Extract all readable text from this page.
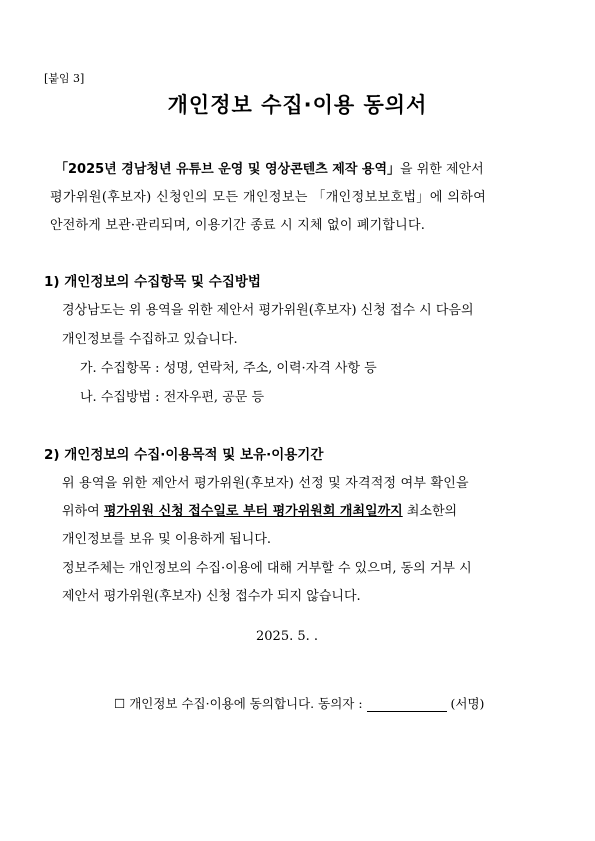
[붙임 3]
개인정보 수집·이용 동의서
「2025년 경남청년 유튜브 운영 및 영상콘텐츠 제작 용역」을 위한 제안서
평가위원(후보자) 신청인의 모든 개인정보는 「개인정보보호법」에 의하여
안전하게 보관·관리되며, 이용기간 종료 시 지체 없이 폐기합니다.
1) 개인정보의 수집항목 및 수집방법
경상남도는 위 용역을 위한 제안서 평가위원(후보자) 신청 접수 시 다음의
개인정보를 수집하고 있습니다.
가. 수집항목 : 성명, 연락처, 주소, 이력·자격 사항 등
나. 수집방법 : 전자우편, 공문 등
2) 개인정보의 수집·이용목적 및 보유·이용기간
위 용역을 위한 제안서 평가위원(후보자) 선정 및 자격적정 여부 확인을
위하여 평가위원 신청 접수일로 부터 평가위원회 개최일까지 최소한의
개인정보를 보유 및 이용하게 됩니다.
정보주체는 개인정보의 수집·이용에 대해 거부할 수 있으며, 동의 거부 시
제안서 평가위원(후보자) 신청 접수가 되지 않습니다.
2025. 5. .
☐ 개인정보 수집·이용에 동의합니다. 동의자 :	(서명)
